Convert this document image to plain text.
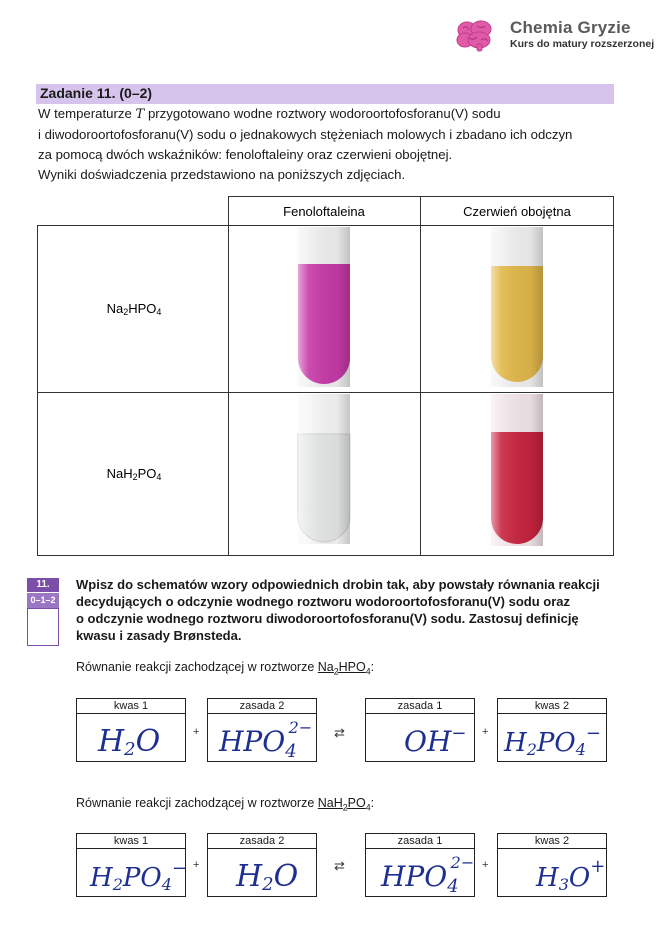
Chemia Gryzie
Kurs do matury rozszerzonej
Zadanie 11. (0–2)
W temperaturze T przygotowano wodne roztwory wodoroortofosforanu(V) sodu
i diwodoroortofosforanu(V) sodu o jednakowych stężeniach molowych i zbadano ich odczyn
za pomocą dwóch wskaźników: fenoloftaleiny oraz czerwieni obojętnej.
Wyniki doświadczenia przedstawiono na poniższych zdjęciach.
Fenoloftaleina	Czerwień obojętna
Na2HPO4
NaH2PO4
11.
0–1–2
Wpisz do schematów wzory odpowiednich drobin tak, aby powstały równania reakcji
decydujących o odczynie wodnego roztworu wodoroortofosforanu(V) sodu oraz
o odczynie wodnego roztworu diwodoroortofosforanu(V) sodu. Zastosuj definicję
kwasu i zasady Brønsteda.
Równanie reakcji zachodzącej w roztworze $Na_2HPO_4$:
kwas 1
+
zasada 2
⇄
zasada 1
+
kwas 2
H2O $HPO_42-$	OH− H2PO4−
Równanie reakcji zachodzącej w roztworze $NaH_2PO_4$:
kwas 1
+
zasada 2
⇄
zasada 1
+
kwas 2
H2PO4− H2O	$HPO_42-$
H3O+
